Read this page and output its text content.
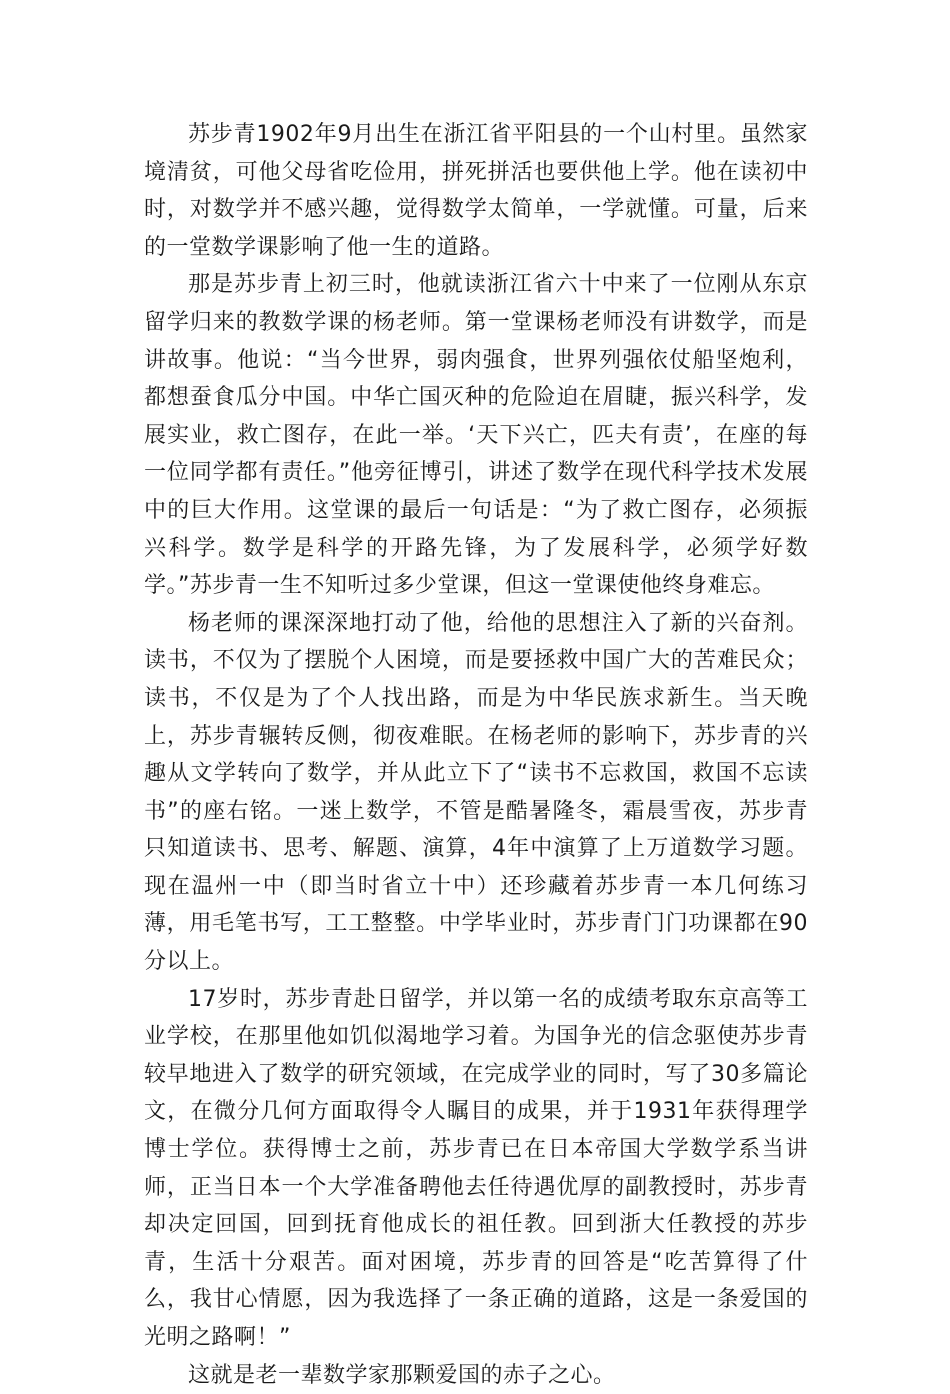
苏步青1902年9月出生在浙江省平阳县的一个山村里。虽然家境清贫，可他父母省吃俭用，拼死拼活也要供他上学。他在读初中时，对数学并不感兴趣，觉得数学太简单，一学就懂。可量，后来的一堂数学课影响了他一生的道路。

那是苏步青上初三时，他就读浙江省六十中来了一位刚从东京留学归来的教数学课的杨老师。第一堂课杨老师没有讲数学，而是讲故事。他说：“当今世界，弱肉强食，世界列强依仗船坚炮利，都想蚕食瓜分中国。中华亡国灭种的危险迫在眉睫，振兴科学，发展实业，救亡图存，在此一举。‘天下兴亡，匹夫有责’，在座的每一位同学都有责任。”他旁征博引，讲述了数学在现代科学技术发展中的巨大作用。这堂课的最后一句话是：“为了救亡图存，必须振兴科学。数学是科学的开路先锋，为了发展科学，必须学好数学。”苏步青一生不知听过多少堂课，但这一堂课使他终身难忘。

杨老师的课深深地打动了他，给他的思想注入了新的兴奋剂。读书，不仅为了摆脱个人困境，而是要拯救中国广大的苦难民众；读书，不仅是为了个人找出路，而是为中华民族求新生。当天晚上，苏步青辗转反侧，彻夜难眠。在杨老师的影响下，苏步青的兴趣从文学转向了数学，并从此立下了“读书不忘救国，救国不忘读书”的座右铭。一迷上数学，不管是酷暑隆冬，霜晨雪夜，苏步青只知道读书、思考、解题、演算，4年中演算了上万道数学习题。现在温州一中（即当时省立十中）还珍藏着苏步青一本几何练习薄，用毛笔书写，工工整整。中学毕业时，苏步青门门功课都在90分以上。

17岁时，苏步青赴日留学，并以第一名的成绩考取东京高等工业学校，在那里他如饥似渴地学习着。为国争光的信念驱使苏步青较早地进入了数学的研究领域，在完成学业的同时，写了30多篇论文，在微分几何方面取得令人瞩目的成果，并于1931年获得理学博士学位。获得博士之前，苏步青已在日本帝国大学数学系当讲师，正当日本一个大学准备聘他去任待遇优厚的副教授时，苏步青却决定回国，回到抚育他成长的祖任教。回到浙大任教授的苏步青，生活十分艰苦。面对困境，苏步青的回答是“吃苦算得了什么，我甘心情愿，因为我选择了一条正确的道路，这是一条爱国的光明之路啊！”

这就是老一辈数学家那颗爱国的赤子之心。
